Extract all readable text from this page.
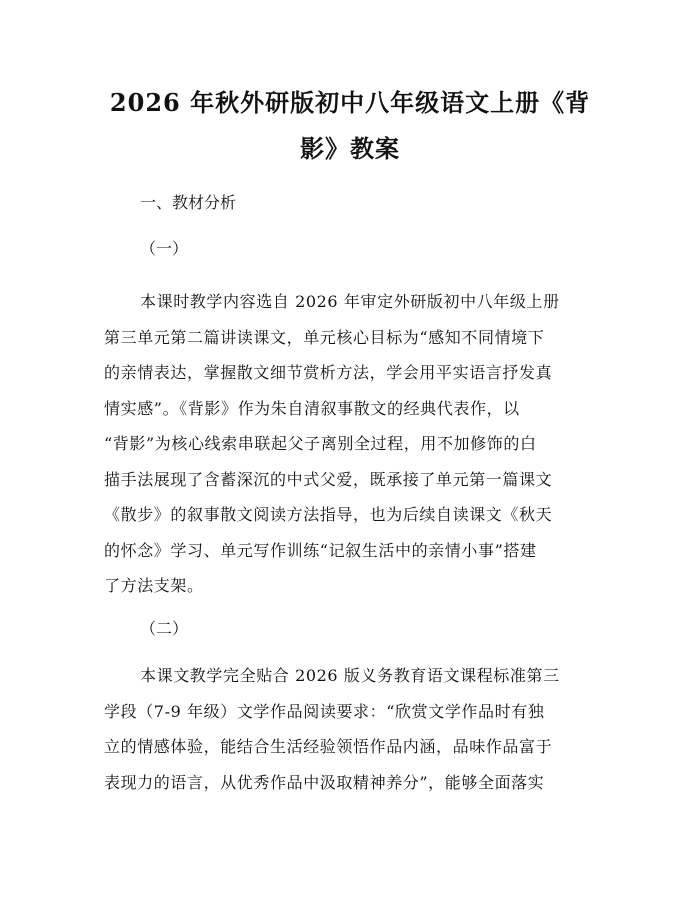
2026 年秋外研版初中八年级语文上册《背
影》教案

一、教材分析

（一）

本课时教学内容选自 2026 年审定外研版初中八年级上册
第三单元第二篇讲读课文，单元核心目标为“感知不同情境下
的亲情表达，掌握散文细节赏析方法，学会用平实语言抒发真
情实感”。《背影》作为朱自清叙事散文的经典代表作，以
“背影”为核心线索串联起父子离别全过程，用不加修饰的白
描手法展现了含蓄深沉的中式父爱，既承接了单元第一篇课文
《散步》的叙事散文阅读方法指导，也为后续自读课文《秋天
的怀念》学习、单元写作训练“记叙生活中的亲情小事”搭建
了方法支架。

（二）

本课文教学完全贴合 2026 版义务教育语文课程标准第三
学段（7-9 年级）文学作品阅读要求：“欣赏文学作品时有独
立的情感体验，能结合生活经验领悟作品内涵，品味作品富于
表现力的语言，从优秀作品中汲取精神养分”，能够全面落实
